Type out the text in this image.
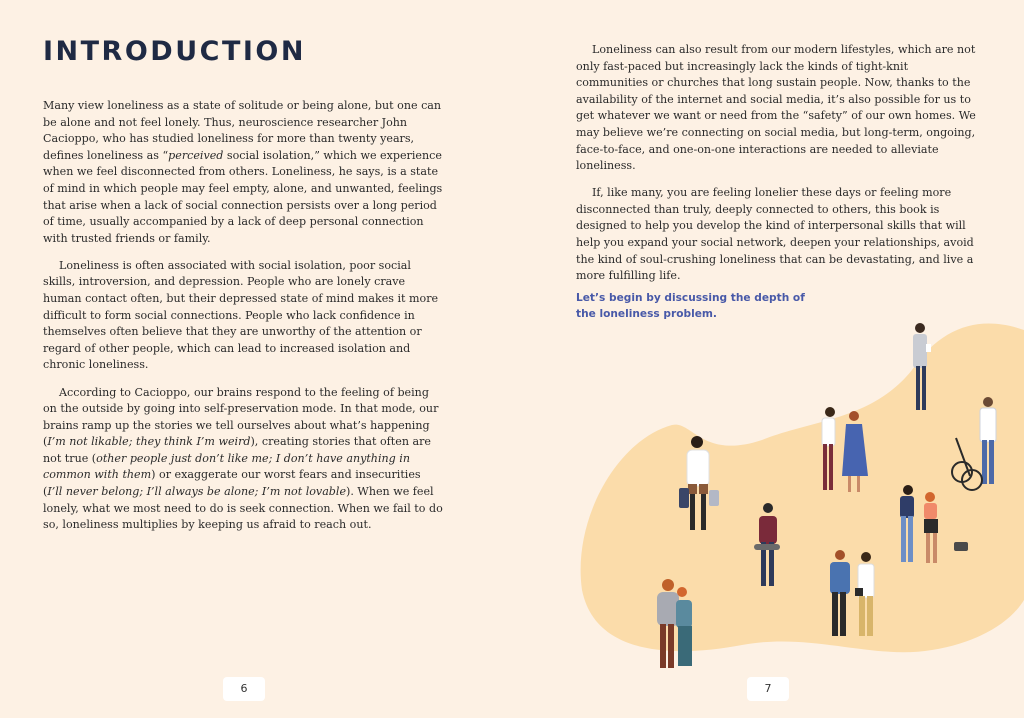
INTRODUCTION

Many view loneliness as a state of solitude or being alone, but one can be alone and not feel lonely. Thus, neuroscience researcher John Cacioppo, who has studied loneliness for more than twenty years, defines loneliness as “perceived social isolation,” which we experience when we feel disconnected from others. Loneliness, he says, is a state of mind in which people may feel empty, alone, and unwanted, feelings that arise when a lack of social connection persists over a long period of time, usually accompanied by a lack of deep personal connection with trusted friends or family.

Loneliness is often associated with social isolation, poor social skills, introversion, and depression. People who are lonely crave human contact often, but their depressed state of mind makes it more difficult to form social connections. People who lack confidence in themselves often believe that they are unworthy of the attention or regard of other people, which can lead to increased isolation and chronic loneliness.

According to Cacioppo, our brains respond to the feeling of being on the outside by going into self-preservation mode. In that mode, our brains ramp up the stories we tell ourselves about what’s happening (I’m not likable; they think I’m weird), creating stories that often are not true (other people just don’t like me; I don’t have anything in common with them) or exaggerate our worst fears and insecurities (I’ll never belong; I’ll always be alone; I’m not lovable). When we feel lonely, what we most need to do is seek connection. When we fail to do so, loneliness multiplies by keeping us afraid to reach out.

6

Loneliness can also result from our modern lifestyles, which are not only fast-paced but increasingly lack the kinds of tight-knit communities or churches that long sustain people. Now, thanks to the availability of the internet and social media, it’s also possible for us to get whatever we want or need from the “safety” of our own homes. We may believe we’re connecting on social media, but long-term, ongoing, face-to-face, and one-on-one interactions are needed to alleviate loneliness.

If, like many, you are feeling lonelier these days or feeling more disconnected than truly, deeply connected to others, this book is designed to help you develop the kind of interpersonal skills that will help you expand your social network, deepen your relationships, avoid the kind of soul-crushing loneliness that can be devastating, and live a more fulfilling life.

Let’s begin by discussing the depth of the loneliness problem.

7
